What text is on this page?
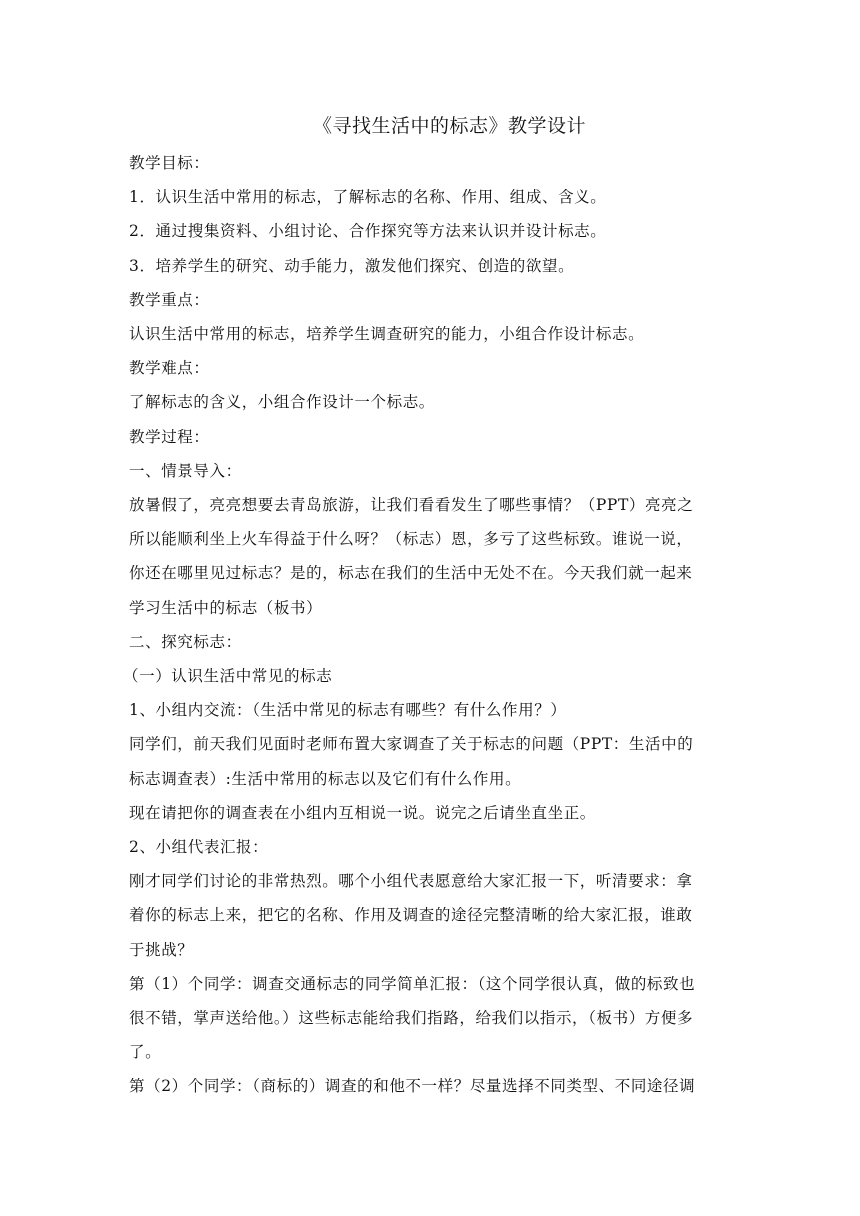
《寻找生活中的标志》教学设计

教学目标：

1．认识生活中常用的标志，了解标志的名称、作用、组成、含义。

2．通过搜集资料、小组讨论、合作探究等方法来认识并设计标志。

3．培养学生的研究、动手能力，激发他们探究、创造的欲望。

教学重点：

认识生活中常用的标志，培养学生调查研究的能力，小组合作设计标志。

教学难点：

了解标志的含义，小组合作设计一个标志。

教学过程：

一、情景导入：

放暑假了，亮亮想要去青岛旅游，让我们看看发生了哪些事情？（PPT）亮亮之

所以能顺利坐上火车得益于什么呀？（标志）恩，多亏了这些标致。谁说一说，

你还在哪里见过标志？是的，标志在我们的生活中无处不在。今天我们就一起来

学习生活中的标志（板书）

二、探究标志：

（一）认识生活中常见的标志

1、小组内交流：（生活中常见的标志有哪些？有什么作用？）

同学们，前天我们见面时老师布置大家调查了关于标志的问题（PPT：生活中的

标志调查表）:生活中常用的标志以及它们有什么作用。

现在请把你的调查表在小组内互相说一说。说完之后请坐直坐正。

2、小组代表汇报：

刚才同学们讨论的非常热烈。哪个小组代表愿意给大家汇报一下，听清要求：拿

着你的标志上来，把它的名称、作用及调查的途径完整清晰的给大家汇报，谁敢

于挑战？

第（1）个同学：调查交通标志的同学简单汇报：（这个同学很认真，做的标致也

很不错，掌声送给他。）这些标志能给我们指路，给我们以指示，（板书）方便多

了。

第（2）个同学：（商标的）调查的和他不一样？尽量选择不同类型、不同途径调
